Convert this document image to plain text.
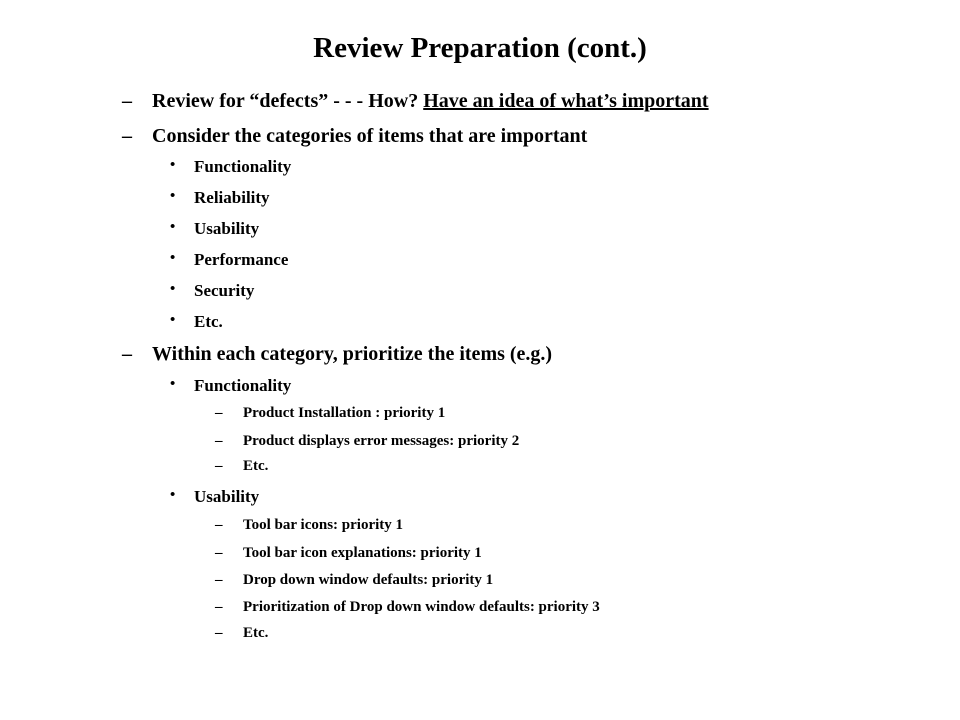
Review Preparation (cont.)
– Review for “defects” - - - How? Have an idea of what’s important
– Consider the categories of items that are important
• Functionality
• Reliability
• Usability
• Performance
• Security
• Etc.
– Within each category, prioritize the items (e.g.)
• Functionality
– Product Installation : priority 1
– Product displays error messages: priority 2
– Etc.
• Usability
– Tool bar icons: priority 1
– Tool bar icon explanations: priority 1
– Drop down window defaults: priority 1
– Prioritization of Drop down window defaults: priority 3
– Etc.
